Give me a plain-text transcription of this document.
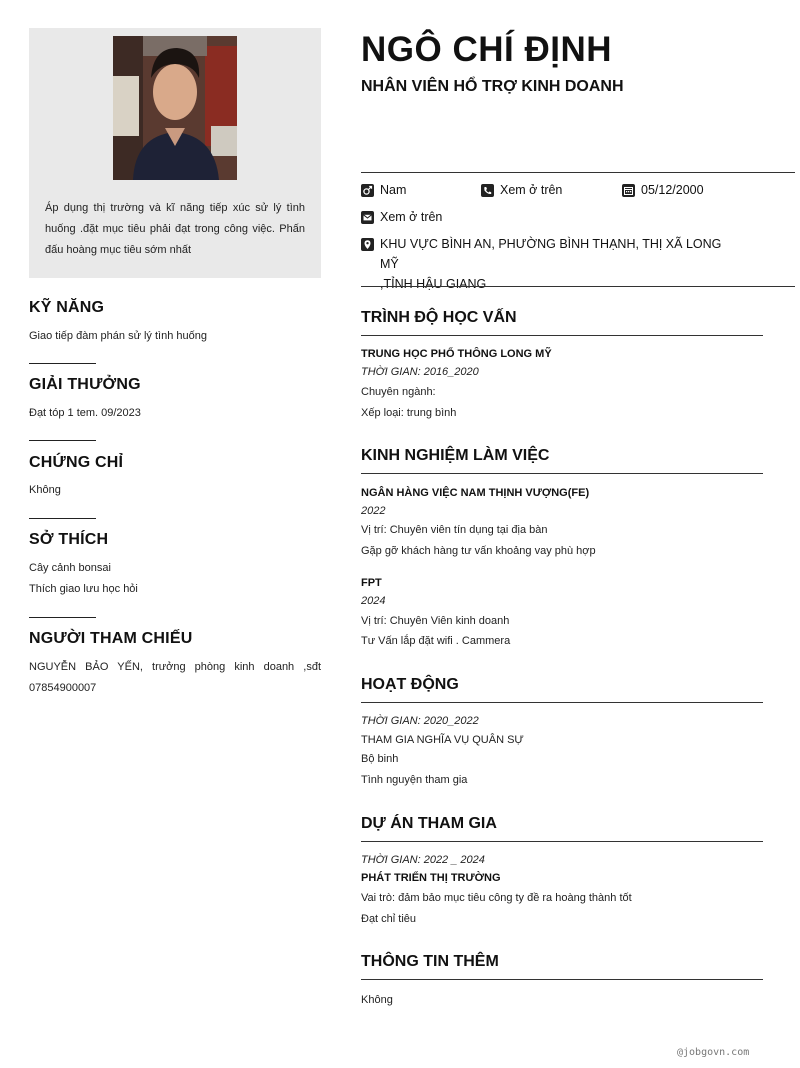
Áp dụng thị trường và kĩ năng tiếp xúc sử lý tình huống .đặt mục tiêu phải đạt trong công việc. Phấn đấu hoàng mục tiêu sớm nhất
KỸ NĂNG
Giao tiếp đàm phán sử lý tình huống
GIẢI THƯỞNG
Đạt tóp 1 tem. 09/2023
CHỨNG CHỈ
Không
SỞ THÍCH
Cây cảnh bonsai
Thích giao lưu học hỏi
NGƯỜI THAM CHIẾU
NGUYỄN BẢO YẾN, trưởng phòng kinh doanh ,sđt 07854900007
NGÔ CHÍ ĐỊNH
NHÂN VIÊN HỔ TRỢ KINH DOANH
Nam	Xem ở trên	05/12/2000
Xem ở trên
KHU VỰC BÌNH AN, PHƯỜNG BÌNH THẠNH, THỊ XÃ LONG MỸ
,TỈNH HẬU GIANG
TRÌNH ĐỘ HỌC VẤN
TRUNG HỌC PHỔ THÔNG LONG MỸ
THỜI GIAN: 2016_2020
Chuyên ngành:
Xếp loại: trung bình
KINH NGHIỆM LÀM VIỆC
NGÂN HÀNG VIỆC NAM THỊNH VƯỢNG(FE)
2022
Vị trí: Chuyên viên tín dụng tại địa bàn
Gặp gỡ khách hàng tư vấn khoảng vay phù hợp
FPT
2024
Vị trí: Chuyên Viên kinh doanh
Tư Vấn lắp đặt wifi . Cammera
HOẠT ĐỘNG
THỜI GIAN: 2020_2022
THAM GIA NGHĨA VỤ QUÂN SỰ
Bộ binh
Tình nguyện tham gia
DỰ ÁN THAM GIA
THỜI GIAN: 2022 _ 2024
PHÁT TRIỂN THỊ TRƯỜNG
Vai trò: đảm bảo mục tiêu công ty đề ra hoàng thành tốt
Đạt chỉ tiêu
THÔNG TIN THÊM
Không
@jobgovn.com
